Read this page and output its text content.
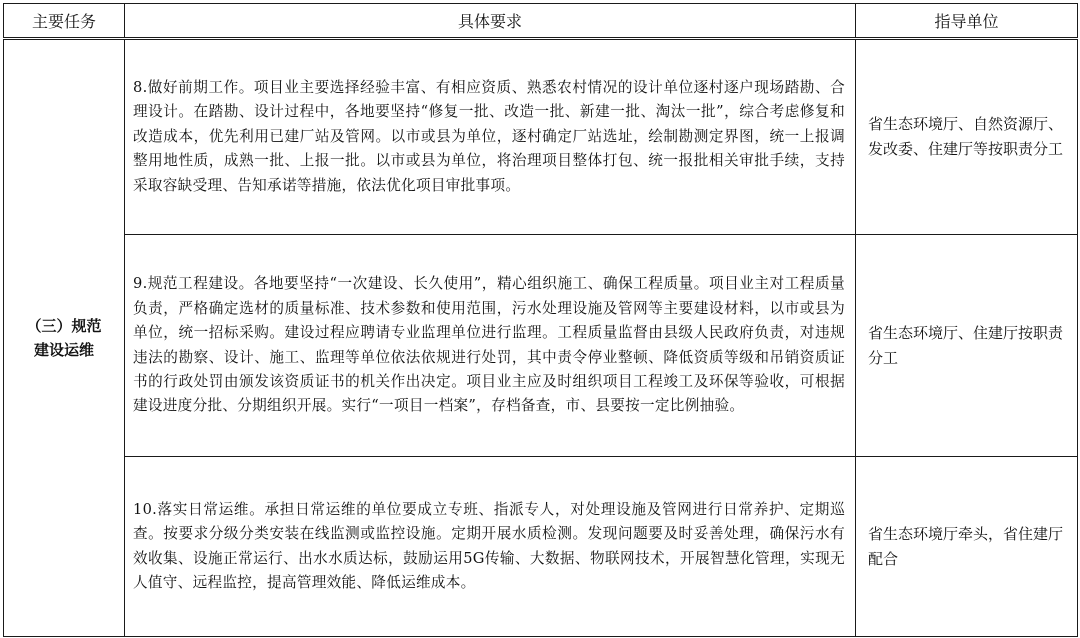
主要任务	具体要求	指导单位

（三）规范
建设运维	8.做好前期工作。项目业主要选择经验丰富、有相应资质、熟悉农村情况的设计单位逐村逐户现场踏勘、合理设计。在踏勘、设计过程中，各地要坚持“修复一批、改造一批、新建一批、淘汰一批”，综合考虑修复和改造成本，优先利用已建厂站及管网。以市或县为单位，逐村确定厂站选址，绘制勘测定界图，统一上报调整用地性质，成熟一批、上报一批。以市或县为单位，将治理项目整体打包、统一报批相关审批手续，支持采取容缺受理、告知承诺等措施，依法优化项目审批事项。	省生态环境厅、自然资源厅、发改委、住建厅等按职责分工

	9.规范工程建设。各地要坚持“一次建设、长久使用”，精心组织施工、确保工程质量。项目业主对工程质量负责，严格确定选材的质量标准、技术参数和使用范围，污水处理设施及管网等主要建设材料，以市或县为单位，统一招标采购。建设过程应聘请专业监理单位进行监理。工程质量监督由县级人民政府负责，对违规违法的勘察、设计、施工、监理等单位依法依规进行处罚，其中责令停业整顿、降低资质等级和吊销资质证书的行政处罚由颁发该资质证书的机关作出决定。项目业主应及时组织项目工程竣工及环保等验收，可根据建设进度分批、分期组织开展。实行“一项目一档案”，存档备查，市、县要按一定比例抽验。	省生态环境厅、住建厅按职责分工

	10.落实日常运维。承担日常运维的单位要成立专班、指派专人，对处理设施及管网进行日常养护、定期巡查。按要求分级分类安装在线监测或监控设施。定期开展水质检测。发现问题要及时妥善处理，确保污水有效收集、设施正常运行、出水水质达标，鼓励运用5G传输、大数据、物联网技术，开展智慧化管理，实现无人值守、远程监控，提高管理效能、降低运维成本。	省生态环境厅牵头，省住建厅配合
